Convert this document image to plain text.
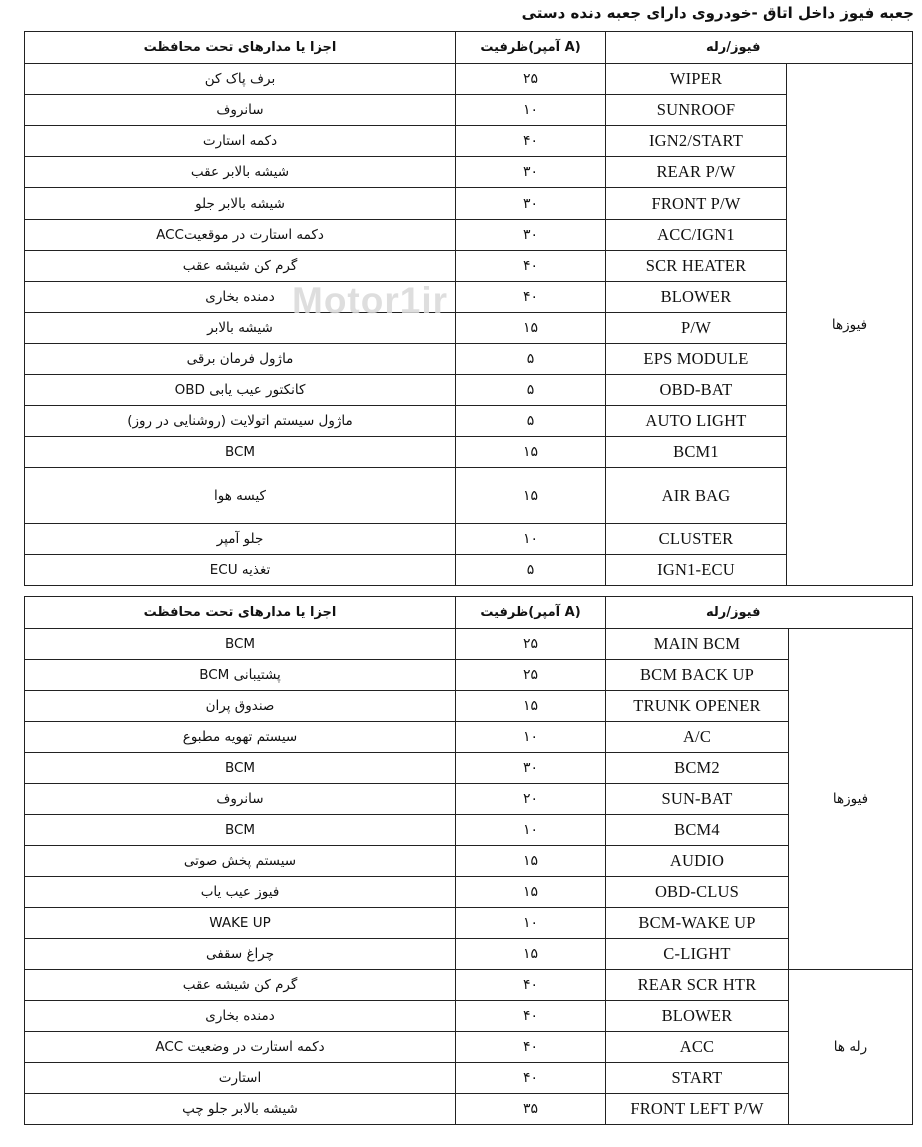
جعبه فیوز داخل اتاق -خودروی دارای جعبه دنده دستی
اجزا یا مدارهای تحت محافظت	ظرفیت(آمپر A)	فیوز/رله	
برف پاک کن	۲۵	WIPER	فیوزها
سانروف	۱۰	SUNROOF	
دکمه استارت	۴۰	IGN2/START	
شیشه بالابر عقب	۳۰	REAR P/W	
شیشه بالابر جلو	۳۰	FRONT P/W	
دکمه استارت در موقعیتACC	۳۰	ACC/IGN1	
گرم کن شیشه عقب	۴۰	SCR HEATER	
دمنده بخاری	۴۰	BLOWER	
شیشه بالابر	۱۵	P/W	
ماژول فرمان برقی	۵	EPS MODULE	
کانکتور عیب یابی OBD	۵	OBD-BAT	
ماژول سیستم اتولایت (روشنایی در روز)	۵	AUTO LIGHT	
BCM	۱۵	BCM1	
کیسه هوا	۱۵	AIR BAG	
جلو آمپر	۱۰	CLUSTER	
تغذیه ECU	۵	IGN1-ECU	
اجزا یا مدارهای تحت محافظت	ظرفیت(آمپر A)	فیوز/رله	
BCM	۲۵	MAIN BCM	فیوزها
پشتیبانی BCM	۲۵	BCM BACK UP	
صندوق پران	۱۵	TRUNK OPENER	
سیستم تهویه مطبوع	۱۰	A/C	
BCM	۳۰	BCM2	
سانروف	۲۰	SUN-BAT	
BCM	۱۰	BCM4	
سیستم پخش صوتی	۱۵	AUDIO	
فیوز عیب یاب	۱۵	OBD-CLUS	
WAKE UP	۱۰	BCM-WAKE UP	
چراغ سقفی	۱۵	C-LIGHT	
گرم کن شیشه عقب	۴۰	REAR SCR HTR	رله ها
دمنده بخاری	۴۰	BLOWER	
دکمه استارت در وضعیت ACC	۴۰	ACC	
استارت	۴۰	START	
شیشه بالابر جلو چپ	۳۵	FRONT LEFT P/W	
Motor1ir
